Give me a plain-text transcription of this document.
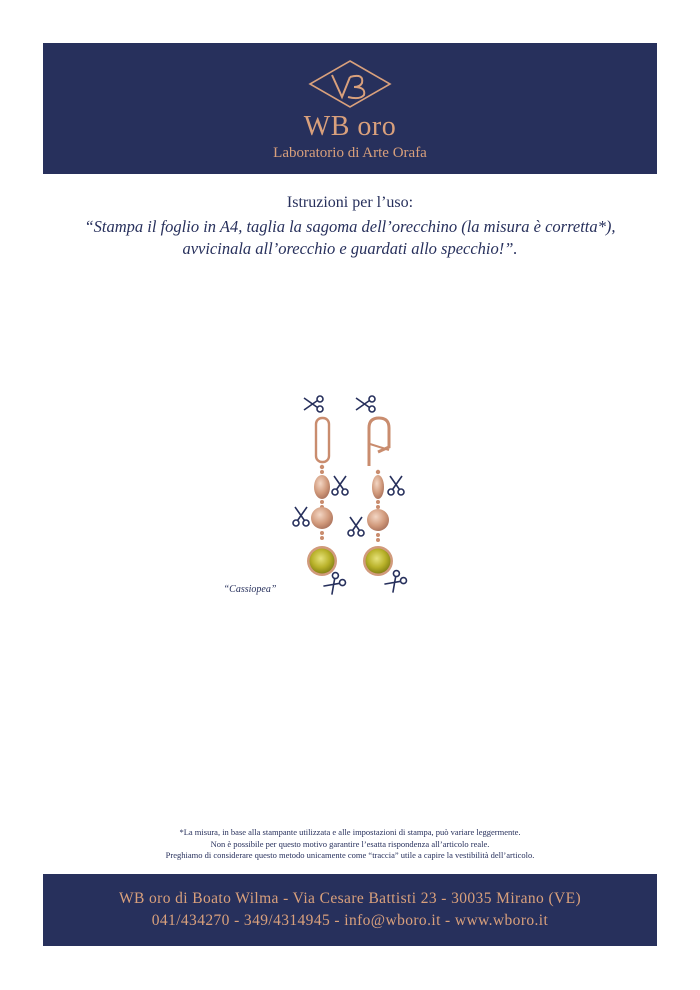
WB oro
Laboratorio di Arte Orafa
Istruzioni per l’uso:
“Stampa il foglio in A4, taglia la sagoma dell’orecchino (la misura è corretta*),
avvicinala all’orecchio e guardati allo specchio!”.
“Cassiopea”
*La misura, in base alla stampante utilizzata e alle impostazioni di stampa, può variare leggermente.
Non è possibile per questo motivo garantire l’esatta rispondenza all’articolo reale.
Preghiamo di considerare questo metodo unicamente come “traccia” utile a capire la vestibilità dell’articolo.
WB oro di Boato Wilma - Via Cesare Battisti 23 - 30035 Mirano (VE)
041/434270 - 349/4314945 - info@wboro.it - www.wboro.it
